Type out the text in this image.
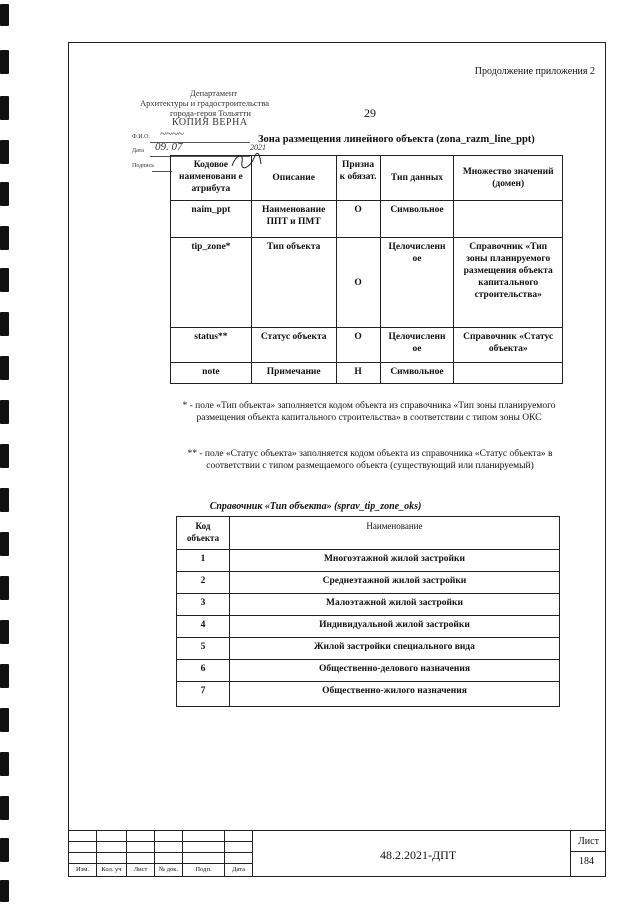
Продолжение приложения 2
29
Департамент
Архитектуры и градостроительства
города-героя Тольятти
КОПИЯ ВЕРНА
Ф.И.О. ~~~~
Дата 09. 07	2021
Подпись
Зона размещения линейного объекта (zona_razm_line_ppt)
Кодовое наименовани е атрибута	Описание	Призна к обязат.	Тип данных	Множество значений (домен)
naim_ppt	Наименование ППТ и ПМТ	О	Символьное	
tip_zone*	Тип объекта	О	Целочисленн ое	Справочник «Тип зоны планируемого размещения объекта капитального строительства»
status**	Статус объекта	О	Целочисленн ое	Справочник «Статус объекта»
note	Примечание	Н	Символьное	
* - поле «Тип объекта» заполняется кодом объекта из справочника «Тип зоны планируемого размещения объекта капитального строительства» в соответствии с типом зоны ОКС
** - поле «Статус объекта» заполняется кодом объекта из справочника «Статус объекта» в соответствии с типом размещаемого объекта (существующий или планируемый)
Справочник «Тип объекта» (sprav_tip_zone_oks)
Код объекта	Наименование
1	Многоэтажной жилой застройки
2	Среднеэтажной жилой застройки
3	Малоэтажной жилой застройки
4	Индивидуальной жилой застройки
5	Жилой застройки специального вида
6	Общественно-делового назначения
7	Общественно-жилого назначения

Изм.	Кол. уч	Лист	№ док.	Подп.	Дата
48.2.2021-ДПТ
Лист
184
